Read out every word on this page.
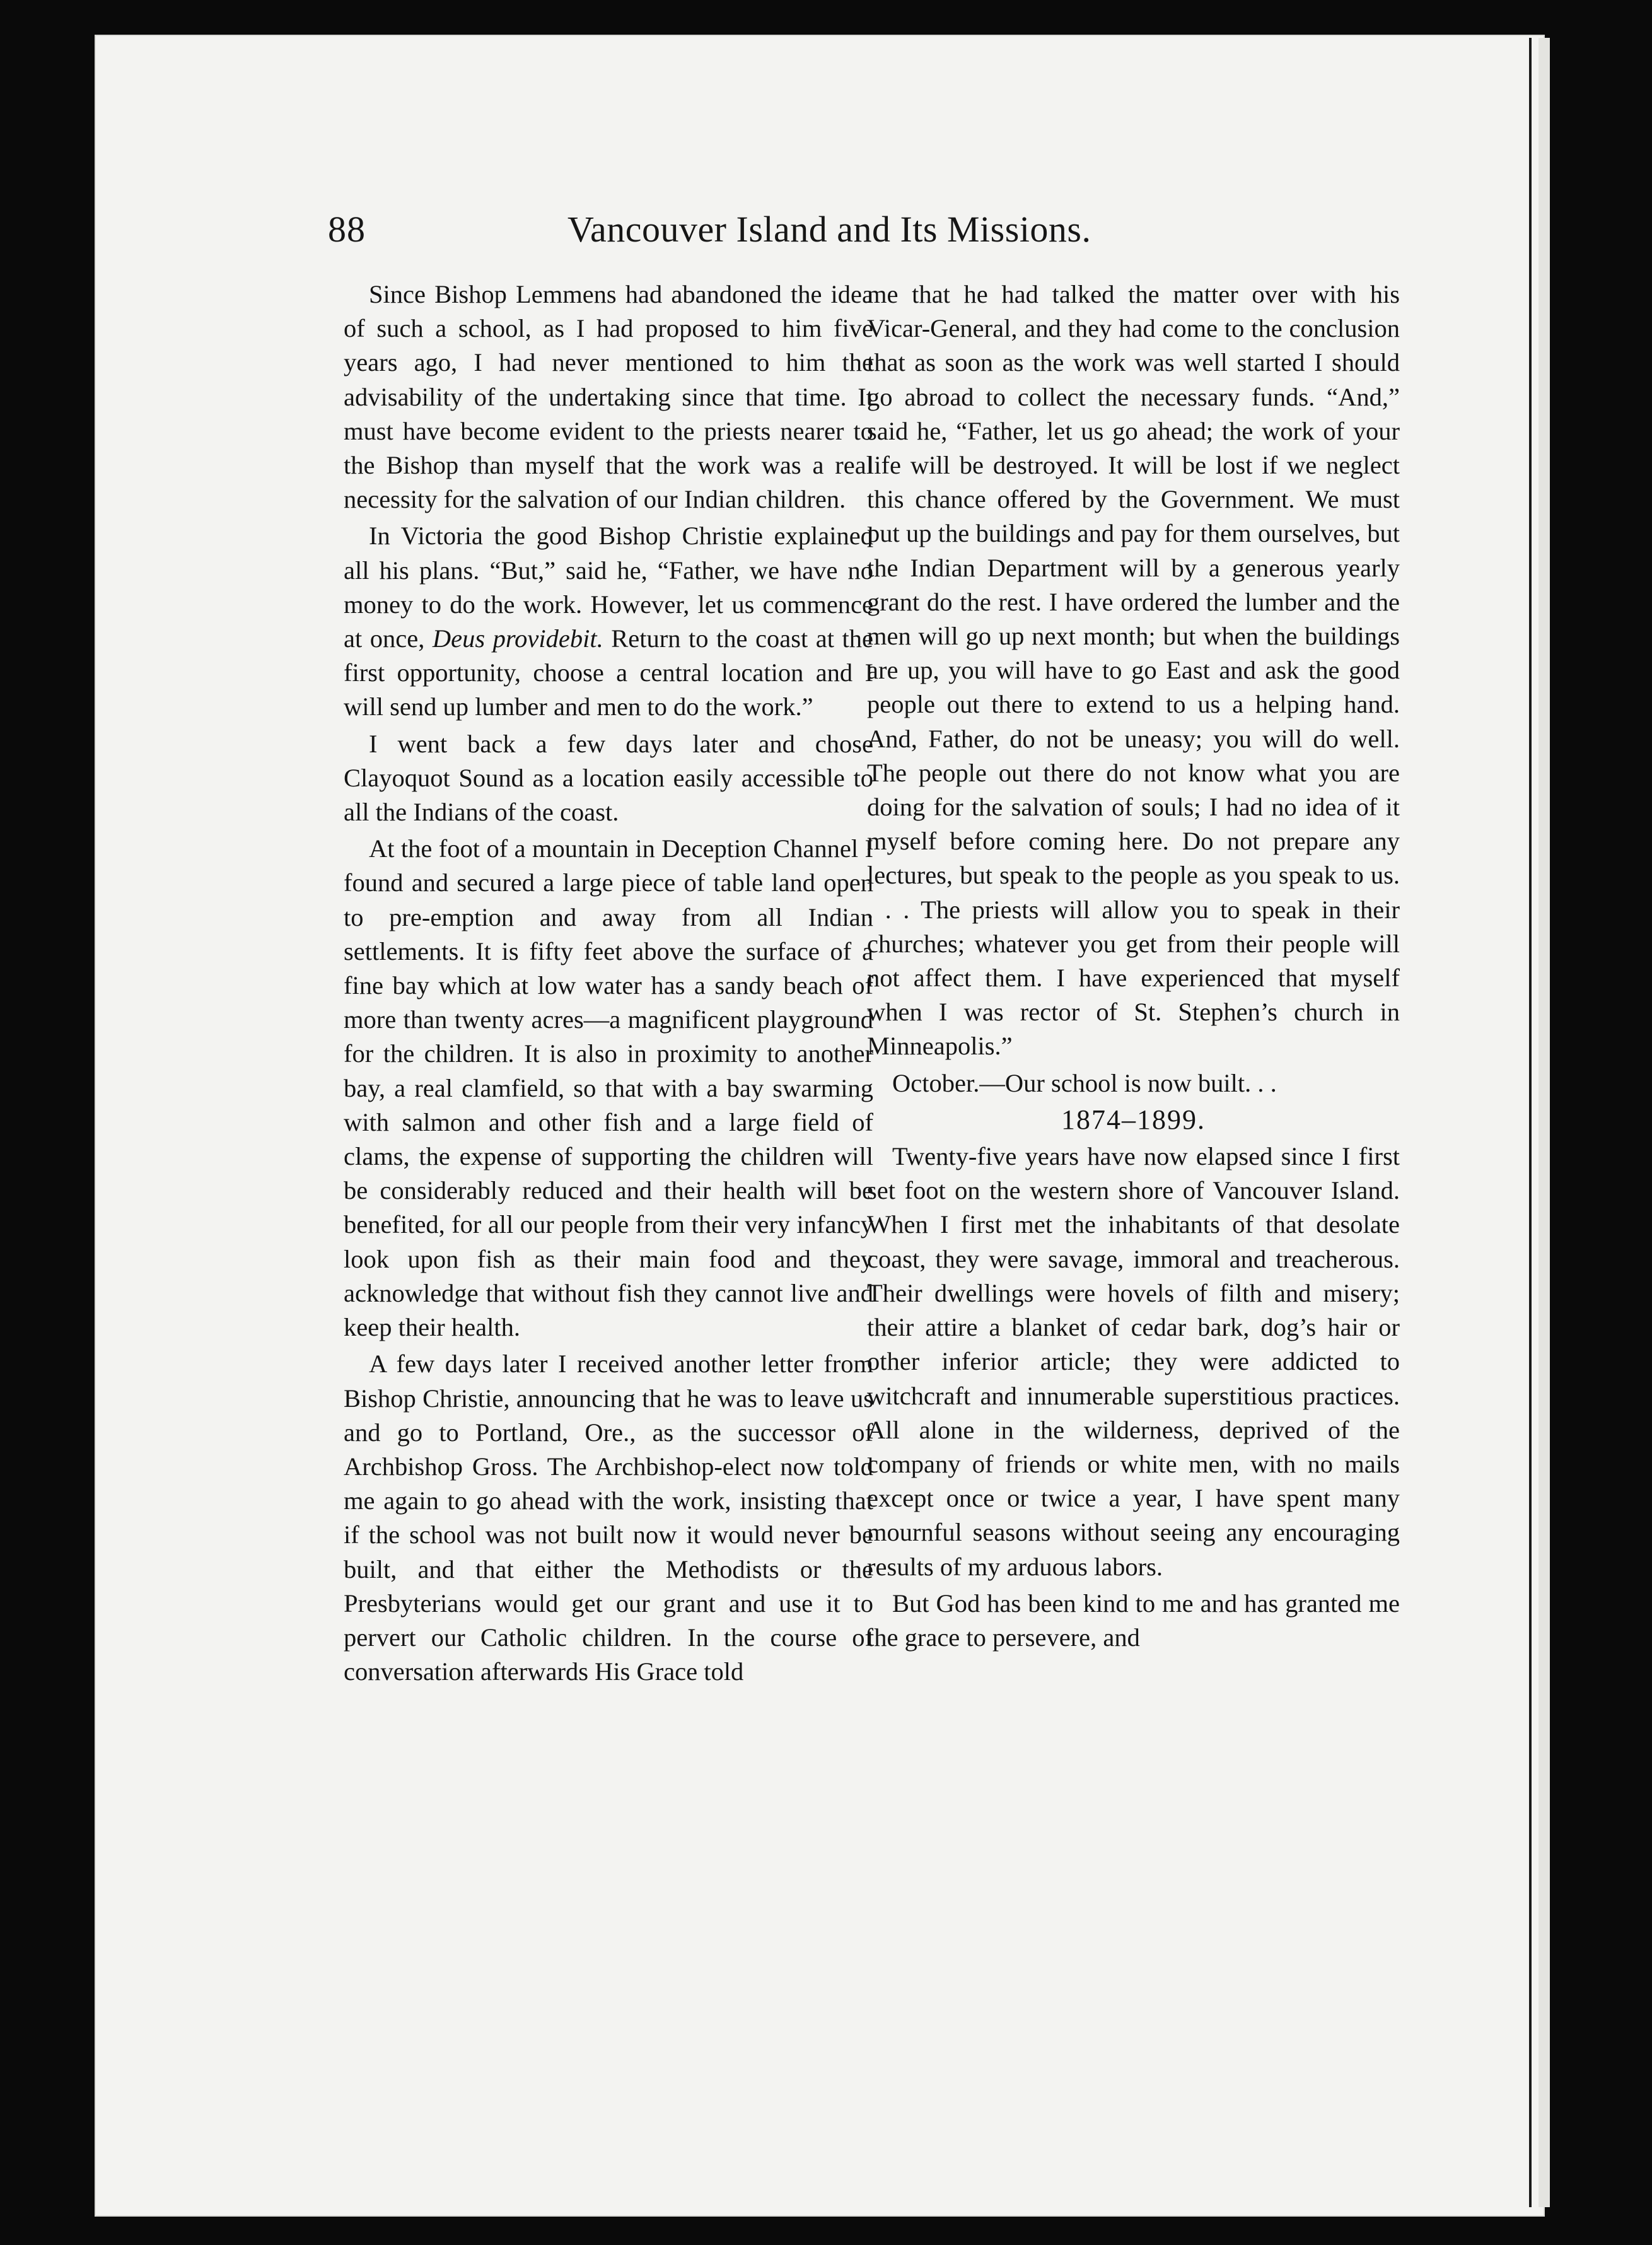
88	Vancouver Island and Its Missions.

Since Bishop Lemmens had abandoned the idea of such a school, as I had proposed to him five years ago, I had never mentioned to him the advisability of the undertaking since that time. It must have become evident to the priests nearer to the Bishop than myself that the work was a real necessity for the salvation of our Indian children.

In Victoria the good Bishop Christie explained all his plans. “But,” said he, “Father, we have no money to do the work. However, let us commence at once, Deus providebit. Return to the coast at the first opportunity, choose a central location and I will send up lumber and men to do the work.”

I went back a few days later and chose Clayoquot Sound as a location easily accessible to all the Indians of the coast.

At the foot of a mountain in Deception Channel I found and secured a large piece of table land open to pre-emption and away from all Indian settlements. It is fifty feet above the surface of a fine bay which at low water has a sandy beach of more than twenty acres—a magnificent playground for the children. It is also in proximity to another bay, a real clamfield, so that with a bay swarming with salmon and other fish and a large field of clams, the expense of supporting the children will be considerably reduced and their health will be benefited, for all our people from their very infancy look upon fish as their main food and they acknowledge that without fish they cannot live and keep their health.

A few days later I received another letter from Bishop Christie, announcing that he was to leave us and go to Portland, Ore., as the successor of Archbishop Gross. The Archbishop-elect now told me again to go ahead with the work, insisting that if the school was not built now it would never be built, and that either the Methodists or the Presbyterians would get our grant and use it to pervert our Catholic children. In the course of conversation afterwards His Grace told

me that he had talked the matter over with his Vicar-General, and they had come to the conclusion that as soon as the work was well started I should go abroad to collect the necessary funds. “And,” said he, “Father, let us go ahead; the work of your life will be destroyed. It will be lost if we neglect this chance offered by the Government. We must put up the buildings and pay for them ourselves, but the Indian Department will by a generous yearly grant do the rest. I have ordered the lumber and the men will go up next month; but when the buildings are up, you will have to go East and ask the good people out there to extend to us a helping hand. And, Father, do not be uneasy; you will do well. The people out there do not know what you are doing for the salvation of souls; I had no idea of it myself before coming here. Do not prepare any lectures, but speak to the people as you speak to us. . . . The priests will allow you to speak in their churches; whatever you get from their people will not affect them. I have experienced that myself when I was rector of St. Stephen’s church in Minneapolis.”

October.—Our school is now built. . .

1874–1899.

Twenty-five years have now elapsed since I first set foot on the western shore of Vancouver Island. When I first met the inhabitants of that desolate coast, they were savage, immoral and treacherous. Their dwellings were hovels of filth and misery; their attire a blanket of cedar bark, dog’s hair or other inferior article; they were addicted to witchcraft and innumerable superstitious practices. All alone in the wilderness, deprived of the company of friends or white men, with no mails except once or twice a year, I have spent many mournful seasons without seeing any encouraging results of my arduous labors.

But God has been kind to me and has granted me the grace to persevere, and
